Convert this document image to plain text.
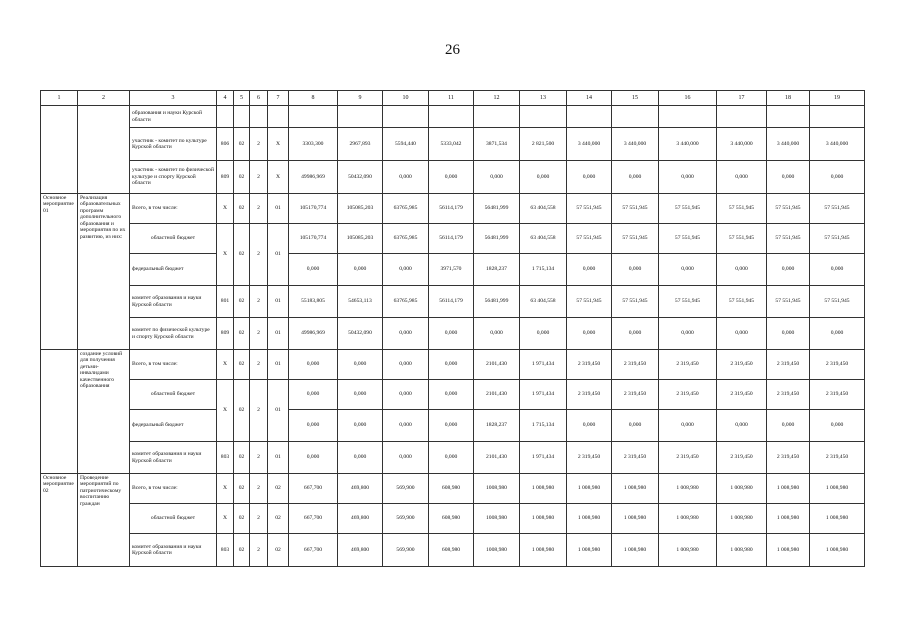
26
1	2	3	4	5	6	7	8	9	10	11	12	13	14	15	16	17	18	19
		образования и науки Курской области																
		участник - комитет по культуре Курской области	806	02	2	Х	3303,300	2967,893	5594,440	5333,042	3871,534	2 821,500	3 440,000	3 440,000	3 440,000	3 440,000	3 440,000	3 440,000
		участник - комитет по физической культуре и спорту Курской области	809	02	2	Х	49986,969	50432,090	0,000	0,000	0,000	0,000	0,000	0,000	0,000	0,000	0,000	0,000
Основное мероприятие 01	Реализация образовательных программ дополнительного образования и мероприятия по их развитию, из них:	Всего, в том числе:	Х	02	2	01	105170,774	105085,203	63765,985	56114,179	56481,999	63 404,558	57 551,945	57 551,945	57 551,945	57 551,945	57 551,945	57 551,945
		областной бюджет	Х	02	2	01	105170,774	105085,203	63765,985	56114,179	56481,999	63 404,558	57 551,945	57 551,945	57 551,945	57 551,945	57 551,945	57 551,945
		федеральный бюджет					0,000	0,000	0,000	3971,570	1828,237	1 715,134	0,000	0,000	0,000	0,000	0,000	0,000
		комитет образования и науки Курской области	801	02	2	01	55183,805	54653,113	63765,985	56114,179	56481,999	63 404,558	57 551,945	57 551,945	57 551,945	57 551,945	57 551,945	57 551,945
		комитет по физической культуре и спорту Курской области	809	02	2	01	49986,969	50432,090	0,000	0,000	0,000	0,000	0,000	0,000	0,000	0,000	0,000	0,000
	создание условий для получения детьми-инвалидами качественного образования	Всего, в том числе:	Х	02	2	01	0,000	0,000	0,000	0,000	2101,430	1 971,434	2 319,450	2 319,450	2 319,450	2 319,450	2 319,450	2 319,450
		областной бюджет	Х	02	2	01	0,000	0,000	0,000	0,000	2101,430	1 971,434	2 319,450	2 319,450	2 319,450	2 319,450	2 319,450	2 319,450
		федеральный бюджет					0,000	0,000	0,000	0,000	1828,237	1 715,134	0,000	0,000	0,000	0,000	0,000	0,000
		комитет образования и науки Курской области	803	02	2	01	0,000	0,000	0,000	0,000	2101,430	1 971,434	2 319,450	2 319,450	2 319,450	2 319,450	2 319,450	2 319,450
Основное мероприятие 02	Проведение мероприятий по патриотическому воспитанию граждан	Всего, в том числе:	Х	02	2	02	667,700	469,800	569,900	608,980	1008,980	1 008,980	1 008,980	1 008,980	1 008,980	1 008,980	1 008,980	1 008,980
		областной бюджет	Х	02	2	02	667,700	469,800	569,900	608,980	1008,980	1 008,980	1 008,980	1 008,980	1 008,980	1 008,980	1 008,980	1 008,980
		комитет образования и науки Курской области	803	02	2	02	667,700	469,800	569,900	608,980	1008,980	1 008,980	1 008,980	1 008,980	1 008,980	1 008,980	1 008,980	1 008,980
